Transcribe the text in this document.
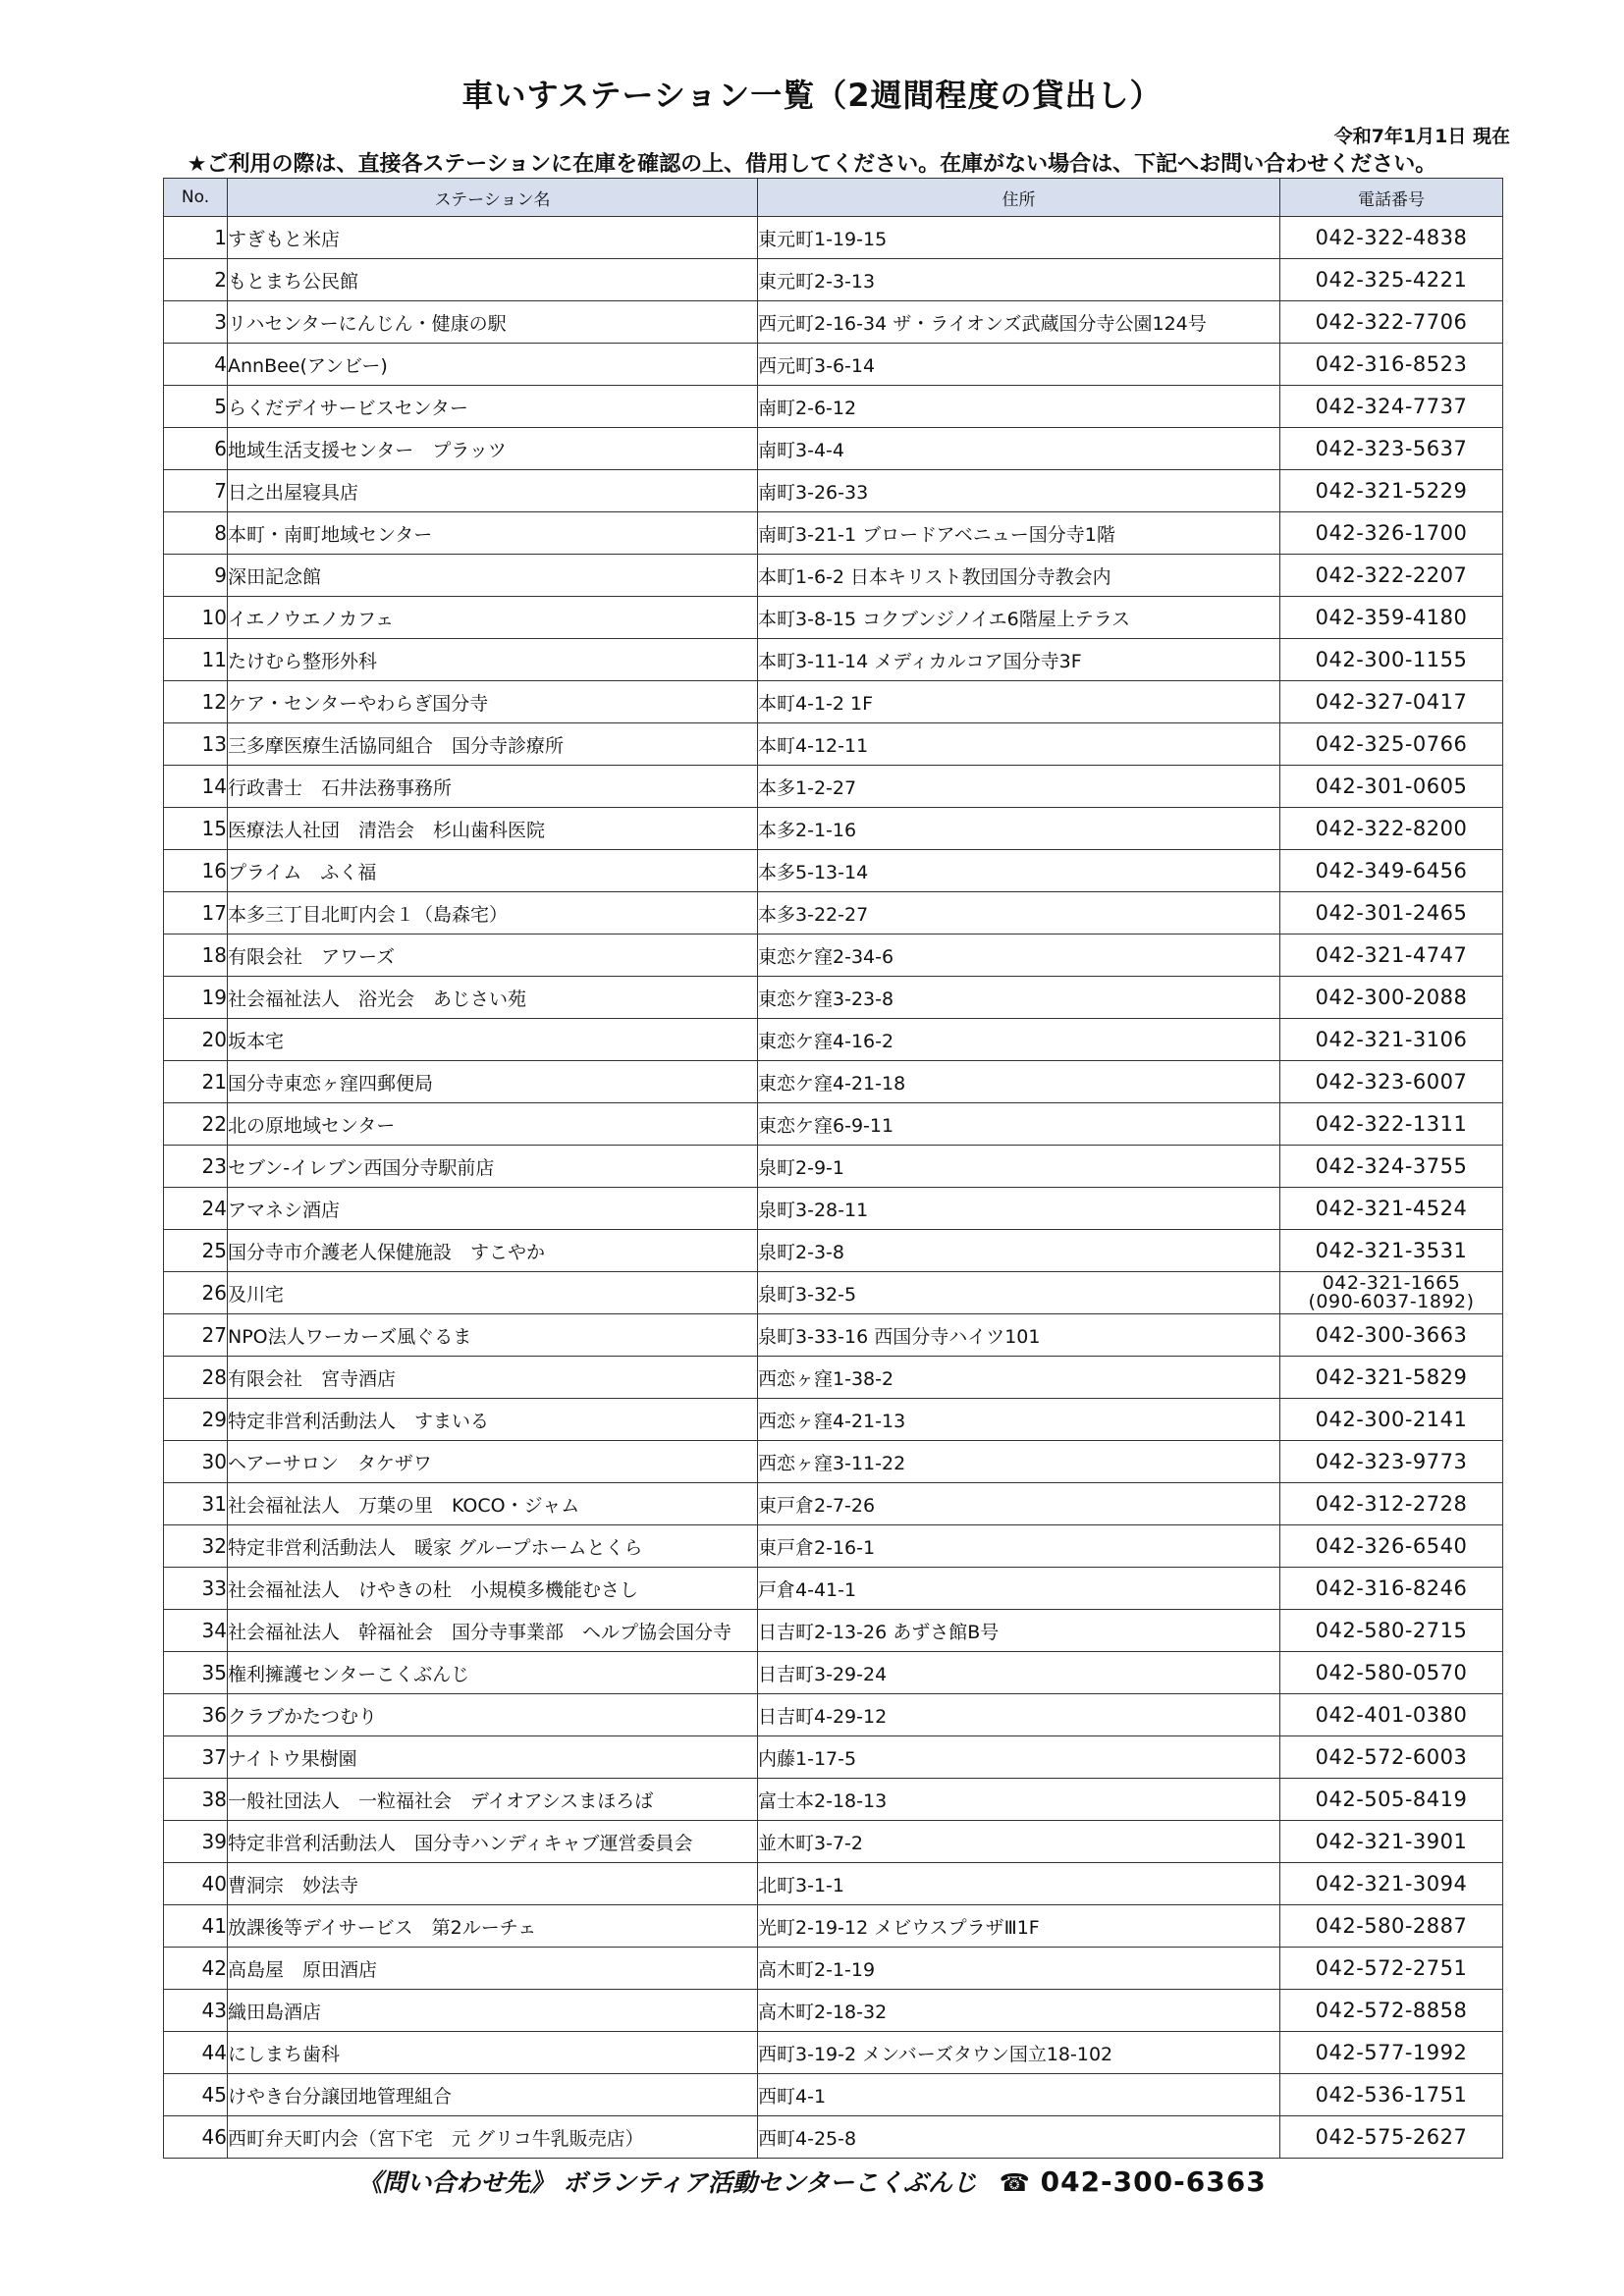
車いすステーション一覧（2週間程度の貸出し）
令和7年1月1日 現在
★ご利用の際は、直接各ステーションに在庫を確認の上、借用してください。在庫がない場合は、下記へお問い合わせください。
No.	ステーション名	住所	電話番号
1	すぎもと米店	東元町1-19-15	042-322-4838
2	もとまち公民館	東元町2-3-13	042-325-4221
3	リハセンターにんじん・健康の駅	西元町2-16-34 ザ・ライオンズ武蔵国分寺公園124号	042-322-7706
4	AnnBee(アンビー)	西元町3-6-14	042-316-8523
5	らくだデイサービスセンター	南町2-6-12	042-324-7737
6	地域生活支援センター　プラッツ	南町3-4-4	042-323-5637
7	日之出屋寝具店	南町3-26-33	042-321-5229
8	本町・南町地域センター	南町3-21-1 ブロードアベニュー国分寺1階	042-326-1700
9	深田記念館	本町1-6-2 日本キリスト教団国分寺教会内	042-322-2207
10	イエノウエノカフェ	本町3-8-15 コクブンジノイエ6階屋上テラス	042-359-4180
11	たけむら整形外科	本町3-11-14 メディカルコア国分寺3F	042-300-1155
12	ケア・センターやわらぎ国分寺	本町4-1-2 1F	042-327-0417
13	三多摩医療生活協同組合　国分寺診療所	本町4-12-11	042-325-0766
14	行政書士　石井法務事務所	本多1-2-27	042-301-0605
15	医療法人社団　清浩会　杉山歯科医院	本多2-1-16	042-322-8200
16	プライム　ふく福	本多5-13-14	042-349-6456
17	本多三丁目北町内会１（島森宅）	本多3-22-27	042-301-2465
18	有限会社　アワーズ	東恋ケ窪2-34-6	042-321-4747
19	社会福祉法人　浴光会　あじさい苑	東恋ケ窪3-23-8	042-300-2088
20	坂本宅	東恋ケ窪4-16-2	042-321-3106
21	国分寺東恋ヶ窪四郵便局	東恋ケ窪4-21-18	042-323-6007
22	北の原地域センター	東恋ケ窪6-9-11	042-322-1311
23	セブン-イレブン西国分寺駅前店	泉町2-9-1	042-324-3755
24	アマネシ酒店	泉町3-28-11	042-321-4524
25	国分寺市介護老人保健施設　すこやか	泉町2-3-8	042-321-3531
26	及川宅	泉町3-32-5	042-321-1665
(090-6037-1892)

27	NPO法人ワーカーズ風ぐるま	泉町3-33-16 西国分寺ハイツ101	042-300-3663
28	有限会社　宮寺酒店	西恋ヶ窪1-38-2	042-321-5829
29	特定非営利活動法人　すまいる	西恋ヶ窪4-21-13	042-300-2141
30	ヘアーサロン　タケザワ	西恋ヶ窪3-11-22	042-323-9773
31	社会福祉法人　万葉の里　KOCO・ジャム	東戸倉2-7-26	042-312-2728
32	特定非営利活動法人　暖家 グループホームとくら	東戸倉2-16-1	042-326-6540
33	社会福祉法人　けやきの杜　小規模多機能むさし	戸倉4-41-1	042-316-8246
34	社会福祉法人　幹福祉会　国分寺事業部　ヘルプ協会国分寺	日吉町2-13-26 あずさ館B号	042-580-2715
35	権利擁護センターこくぶんじ	日吉町3-29-24	042-580-0570
36	クラブかたつむり	日吉町4-29-12	042-401-0380
37	ナイトウ果樹園	内藤1-17-5	042-572-6003
38	一般社団法人　一粒福社会　デイオアシスまほろば	富士本2-18-13	042-505-8419
39	特定非営利活動法人　国分寺ハンディキャブ運営委員会	並木町3-7-2	042-321-3901
40	曹洞宗　妙法寺	北町3-1-1	042-321-3094
41	放課後等デイサービス　第2ルーチェ	光町2-19-12 メビウスプラザⅢ1F	042-580-2887
42	高島屋　原田酒店	高木町2-1-19	042-572-2751
43	織田島酒店	高木町2-18-32	042-572-8858
44	にしまち歯科	西町3-19-2 メンバーズタウン国立18-102	042-577-1992
45	けやき台分譲団地管理組合	西町4-1	042-536-1751
46	西町弁天町内会（宮下宅　元 グリコ牛乳販売店）	西町4-25-8	042-575-2627
《問い合わせ先》 ボランティア活動センターこくぶんじ ☎ 042-300-6363
